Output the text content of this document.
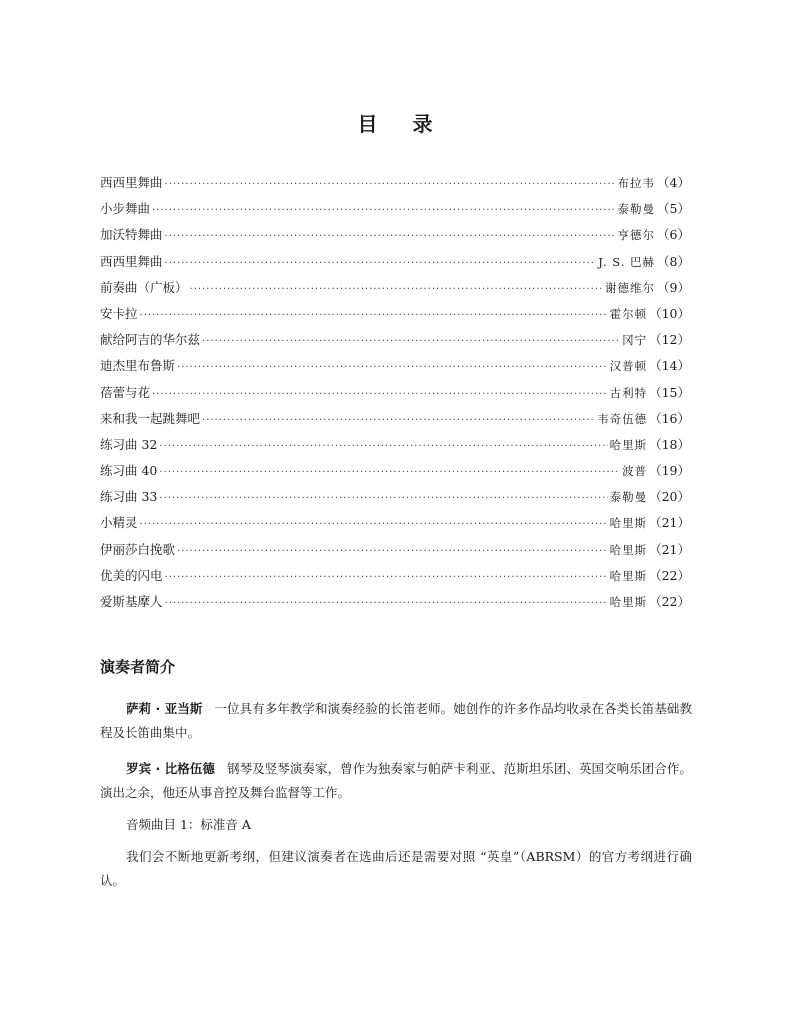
目 录
西西里舞曲 ·····	布拉韦 （4）
小步舞曲 ·····	泰勒曼 （5）
加沃特舞曲 ·····	亨德尔 （6）
西西里舞曲 ·····	J. S. 巴赫 （8）
前奏曲（广板） ·····	谢德维尔 （9）
安卡拉 ·····	霍尔顿 （10）
献给阿吉的华尔兹 ·····	冈宁 （12）
迪杰里布鲁斯 ·····	汉普顿 （14）
蓓蕾与花 ·····	古利特 （15）
来和我一起跳舞吧 ·····	韦奇伍德 （16）
练习曲 32 ·····	哈里斯 （18）
练习曲 40 ·····	波普 （19）
练习曲 33 ·····	泰勒曼 （20）
小精灵 ·····	哈里斯 （21）
伊丽莎白挽歌 ·····	哈里斯 （21）
优美的闪电 ·····	哈里斯 （22）
爱斯基摩人 ·····	哈里斯 （22）
演奏者简介

萨莉 · 亚当斯 一位具有多年教学和演奏经验的长笛老师。她创作的许多作品均收录在各类长笛基础教程及长笛曲集中。

罗宾 · 比格伍德 钢琴及竖琴演奏家，曾作为独奏家与帕萨卡利亚、范斯坦乐团、英国交响乐团合作。演出之余，他还从事音控及舞台监督等工作。

音频曲目 1：标准音 A

我们会不断地更新考纲，但建议演奏者在选曲后还是需要对照 “英皇”（ABRSM）的官方考纲进行确认。
